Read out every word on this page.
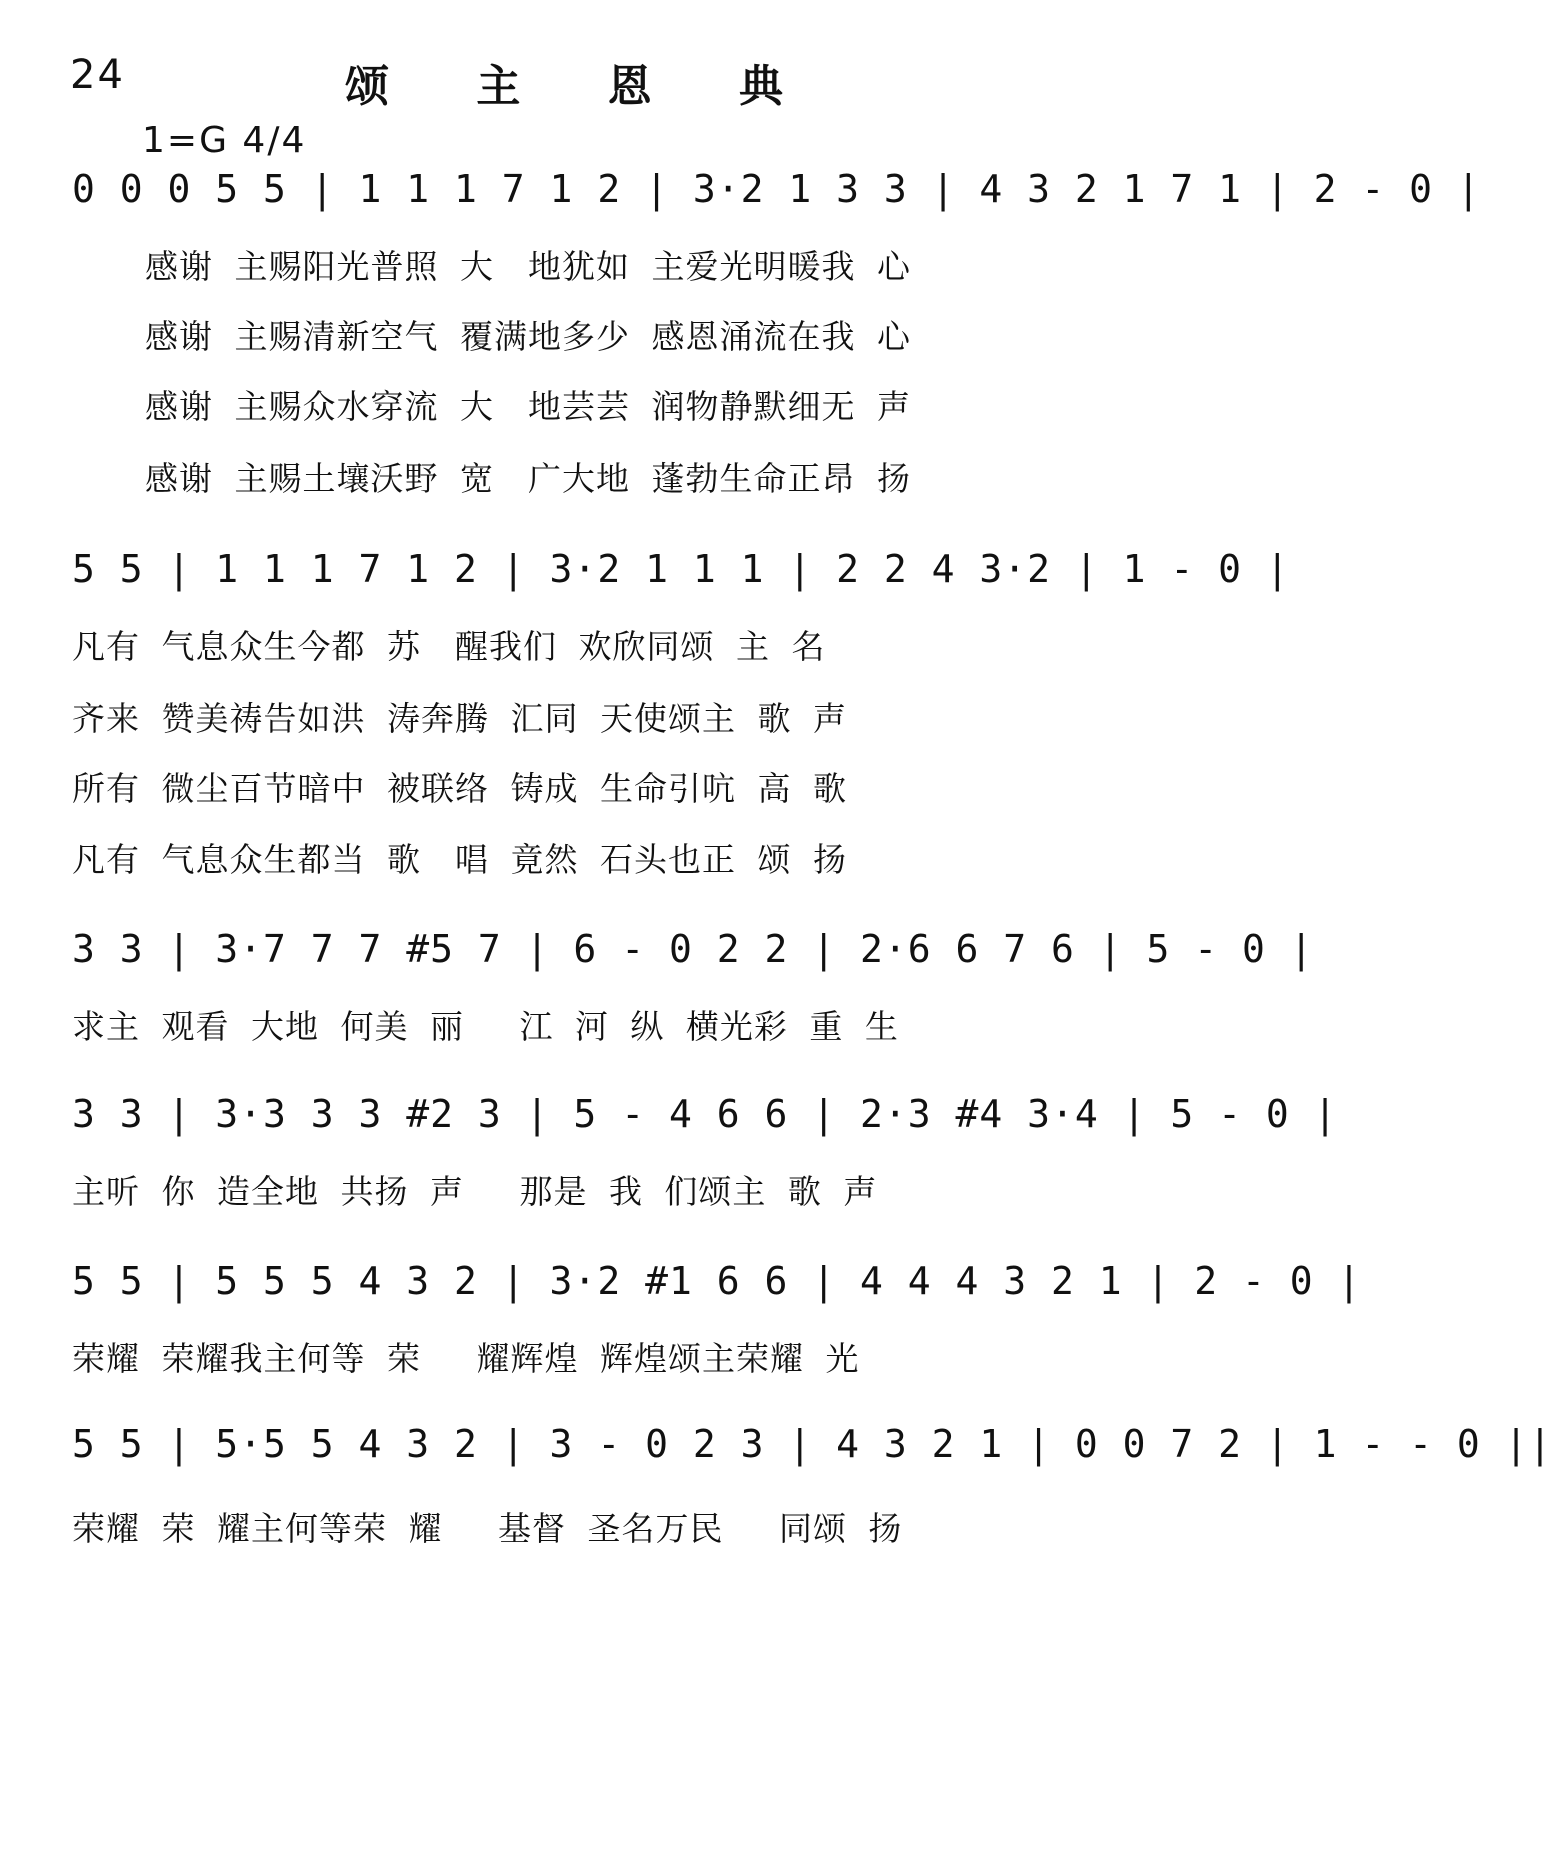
24	颂 主 恩 典
1=G 4/4
0 0 0 5 5 | 1 1 1 7 1 2 | 3·2 1 3 3 | 4 3 2 1 7 1 | 2 - 0 |
感谢 主赐阳光普照 大　地犹如 主爱光明暖我 心
感谢 主赐清新空气 覆满地多少 感恩涌流在我 心
感谢 主赐众水穿流 大　地芸芸 润物静默细无 声
感谢 主赐土壤沃野 宽　广大地 蓬勃生命正昂 扬
5 5 | 1 1 1 7 1 2 | 3·2 1 1 1 | 2 2 4 3·2 | 1 - 0 |
凡有 气息众生今都 苏　醒我们 欢欣同颂 主 名
齐来 赞美祷告如洪 涛奔腾 汇同 天使颂主 歌 声
所有 微尘百节暗中 被联络 铸成 生命引吭 高 歌
凡有 气息众生都当 歌　唱 竟然 石头也正 颂 扬
3 3 | 3·7 7 7 #5 7 | 6 - 0 2 2 | 2·6 6 7 6 | 5 - 0 |
求主 观看 大地 何美 丽　 江 河 纵 横光彩 重 生
3 3 | 3·3 3 3 #2 3 | 5 - 4 6 6 | 2·3 #4 3·4 | 5 - 0 |
主听 你 造全地 共扬 声　 那是 我 们颂主 歌 声
5 5 | 5 5 5 4 3 2 | 3·2 #1 6 6 | 4 4 4 3 2 1 | 2 - 0 |
荣耀 荣耀我主何等 荣　 耀辉煌 辉煌颂主荣耀 光
5 5 | 5·5 5 4 3 2 | 3 - 0 2 3 | 4 3 2 1 | 0 0 7 2 | 1 - - 0 ||
荣耀 荣 耀主何等荣 耀　 基督 圣名万民　 同颂 扬
